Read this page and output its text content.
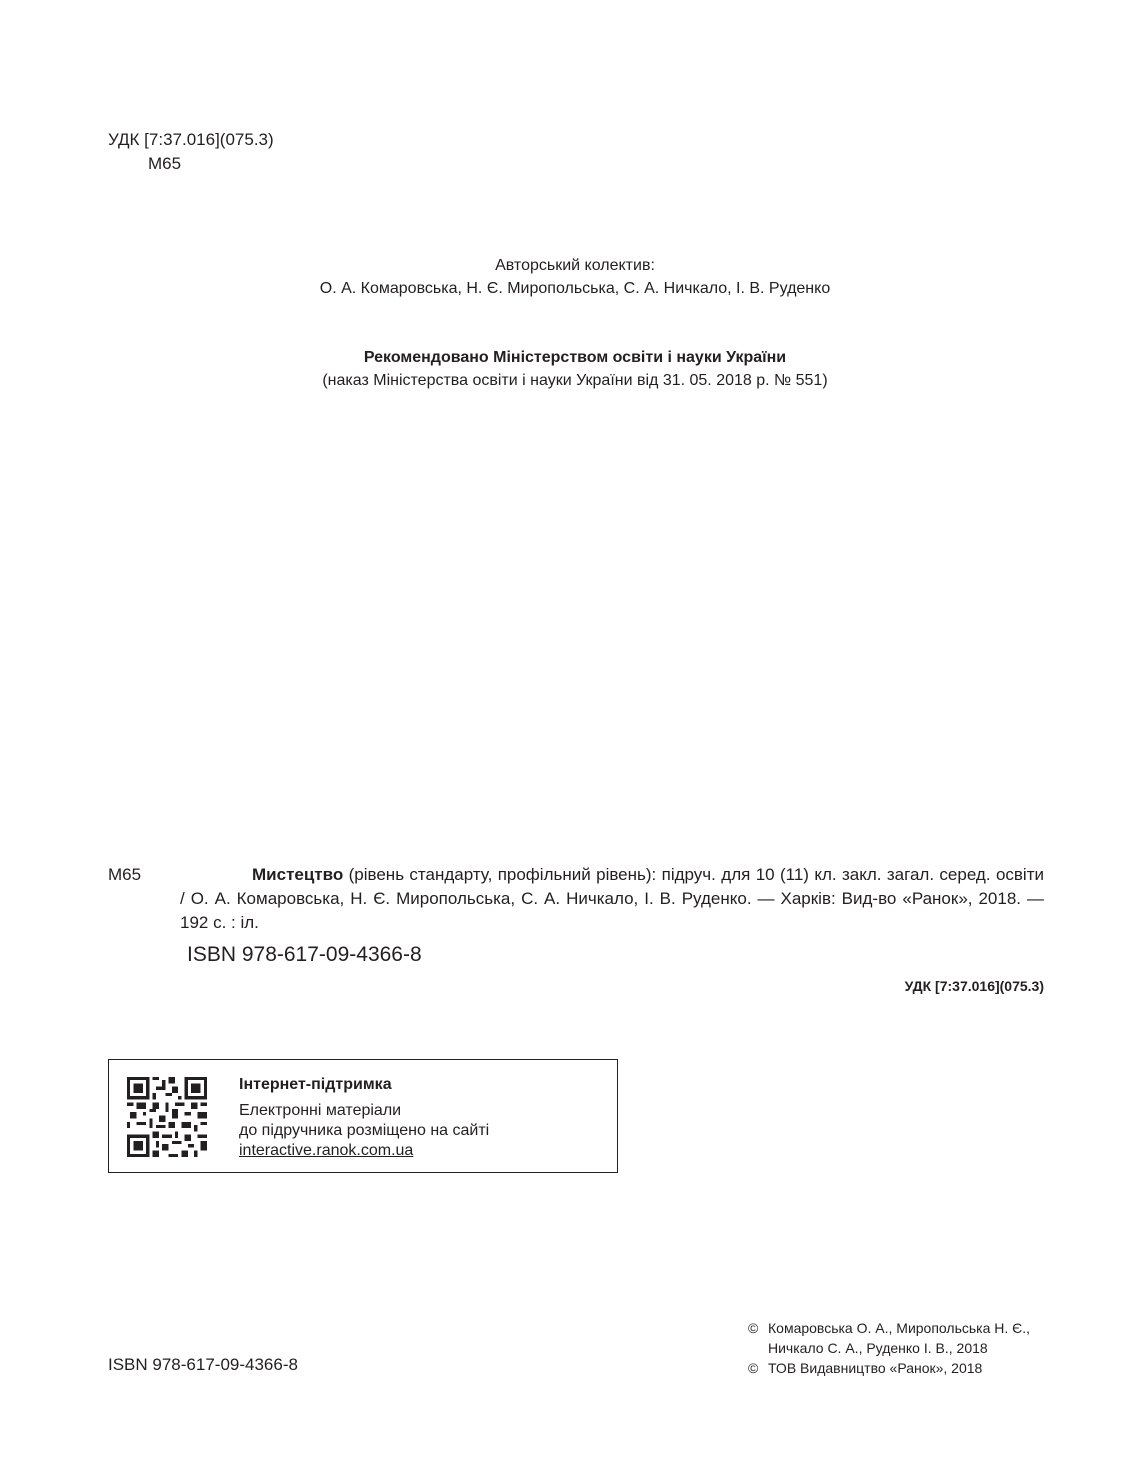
УДК [7:37.016](075.3)
М65
Авторський колектив:
О. А. Комаровська, Н. Є. Миропольська, С. А. Ничкало, І. В. Руденко
Рекомендовано Міністерством освіти і науки України
(наказ Міністерства освіти і науки України від 31. 05. 2018 р. № 551)
М65	Мистецтво (рівень стандарту, профільний рівень): підруч. для 10 (11) кл. закл. загал. серед. освіти / О. А. Комаровська, Н. Є. Миропольська, С. А. Ничкало, І. В. Руденко. — Харків: Вид-во «Ранок», 2018. — 192 с. : іл.
ISBN 978-617-09-4366-8
УДК [7:37.016](075.3)
Інтернет-підтримка
Електронні матеріали
до підручника розміщено на сайті
interactive.ranok.com.ua
ISBN 978-617-09-4366-8
© Комаровська О. А., Миропольська Н. Є.,
Ничкало С. А., Руденко І. В., 2018
© ТОВ Видавництво «Ранок», 2018
